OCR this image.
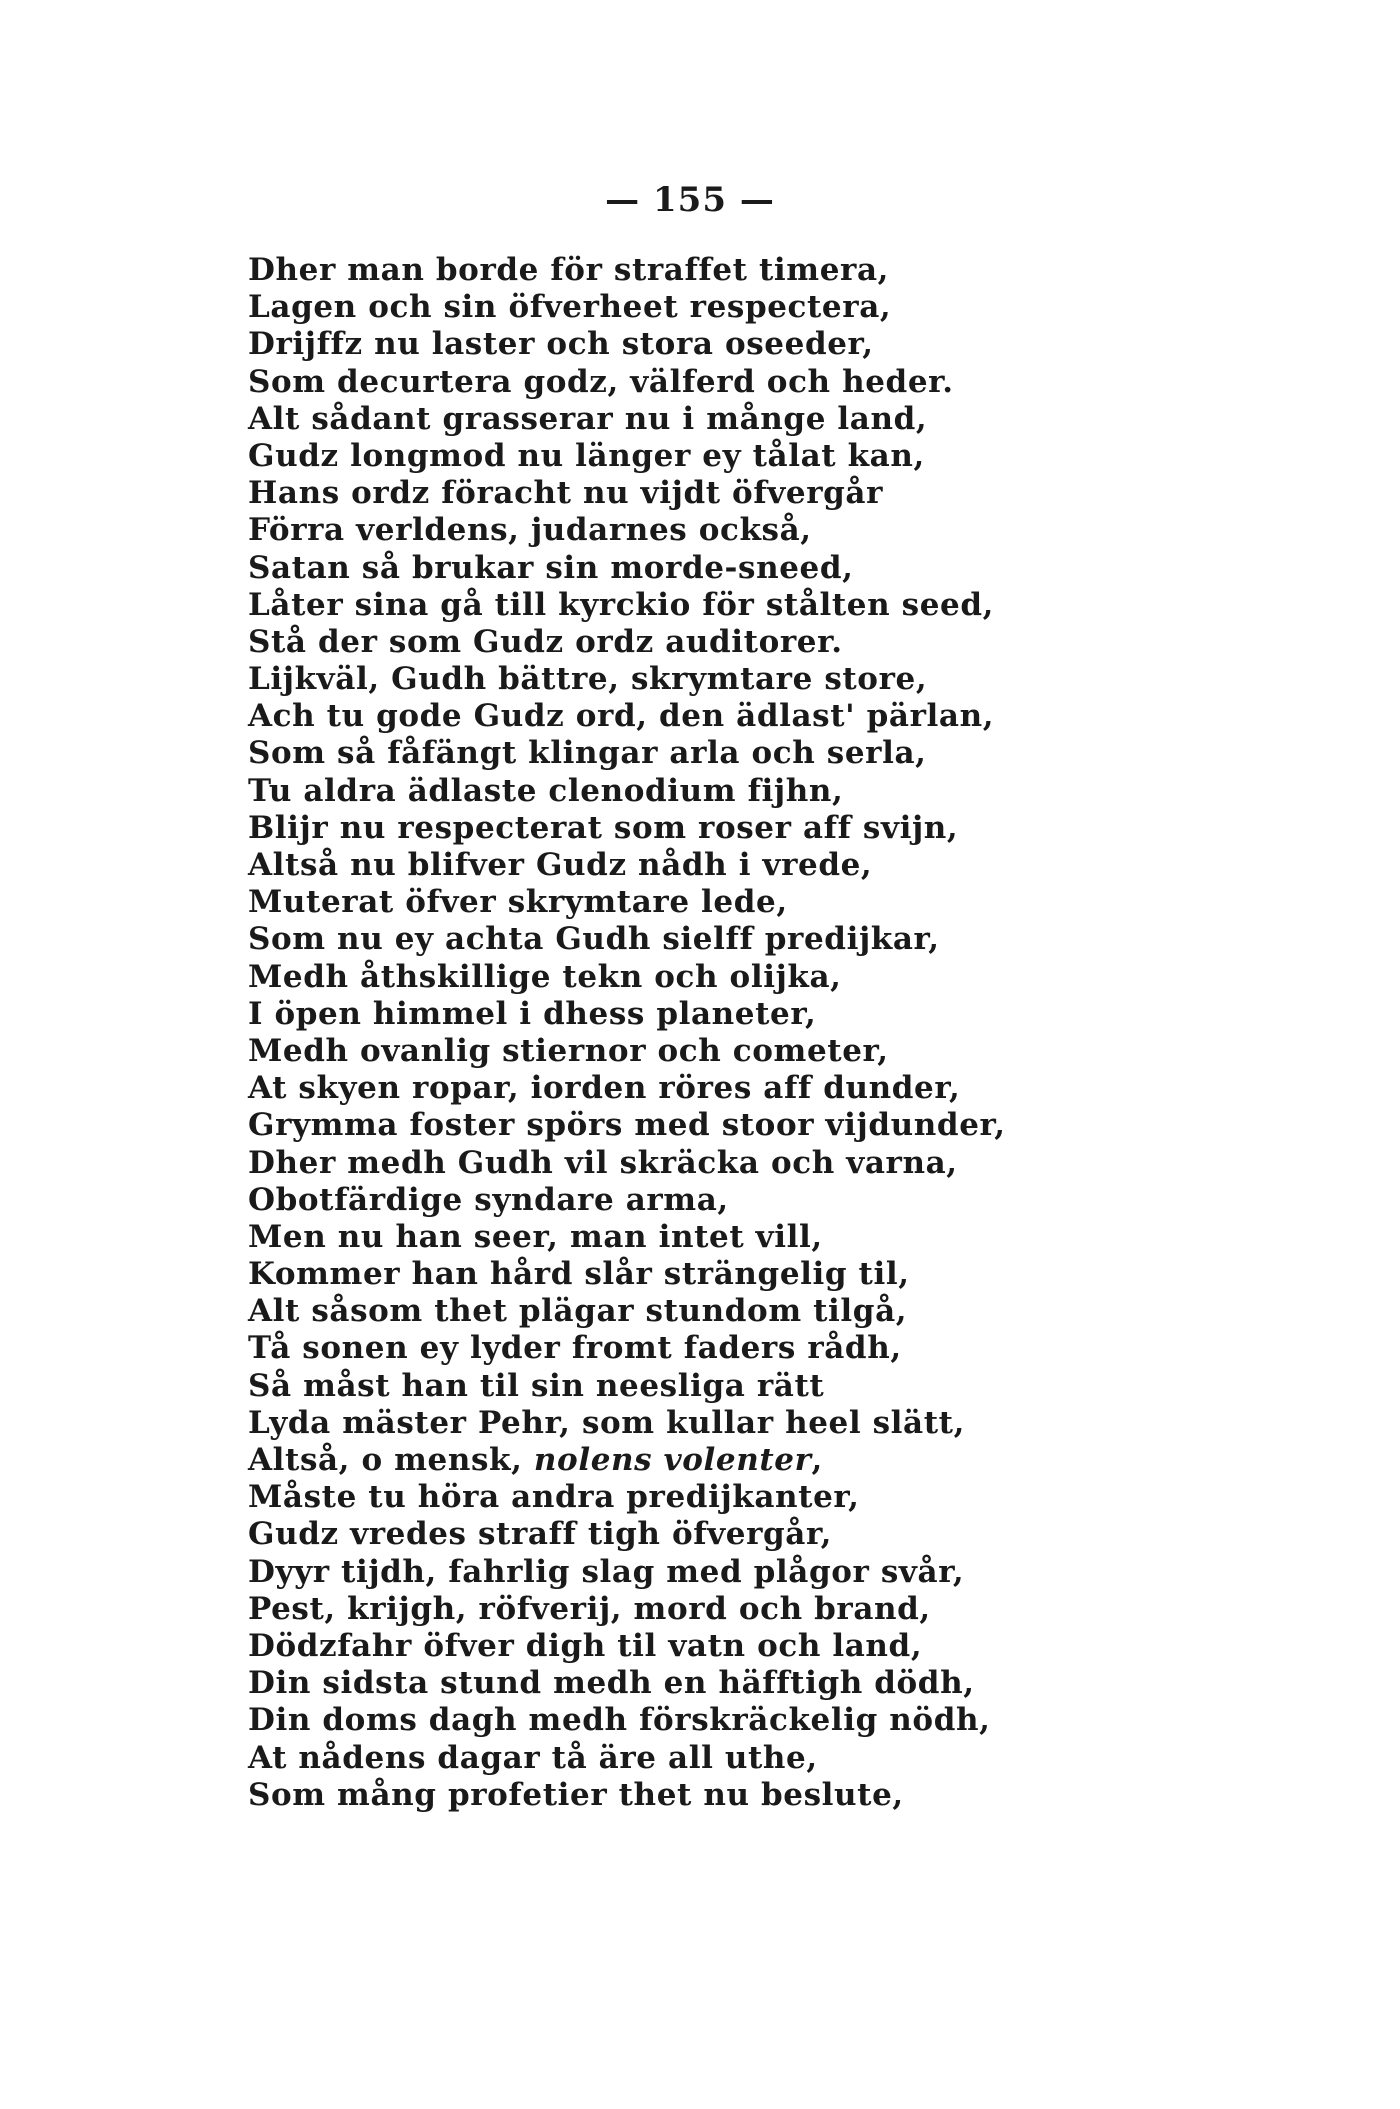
— 155 —
Dher man borde för straffet timera,
Lagen och sin öfverheet respectera,
Drijffz nu laster och stora oseeder,
Som decurtera godz, välferd och heder.
Alt sådant grasserar nu i månge land,
Gudz longmod nu länger ey tålat kan,
Hans ordz föracht nu vijdt öfvergår
Förra verldens, judarnes också,
Satan så brukar sin morde-sneed,
Låter sina gå till kyrckio för stålten seed,
Stå der som Gudz ordz auditorer.
Lijkväl, Gudh bättre, skrymtare store,
Ach tu gode Gudz ord, den ädlast' pärlan,
Som så fåfängt klingar arla och serla,
Tu aldra ädlaste clenodium fijhn,
Blijr nu respecterat som roser aff svijn,
Altså nu blifver Gudz nådh i vrede,
Muterat öfver skrymtare lede,
Som nu ey achta Gudh sielff predijkar,
Medh åthskillige tekn och olijka,
I öpen himmel i dhess planeter,
Medh ovanlig stiernor och cometer,
At skyen ropar, iorden röres aff dunder,
Grymma foster spörs med stoor vijdunder,
Dher medh Gudh vil skräcka och varna,
Obotfärdige syndare arma,
Men nu han seer, man intet vill,
Kommer han hård slår strängelig til,
Alt såsom thet plägar stundom tilgå,
Tå sonen ey lyder fromt faders rådh,
Så måst han til sin neesliga rätt
Lyda mäster Pehr, som kullar heel slätt,
Altså, o mensk, nolens volenter,
Måste tu höra andra predijkanter,
Gudz vredes straff tigh öfvergår,
Dyyr tijdh, fahrlig slag med plågor svår,
Pest, krijgh, röfverij, mord och brand,
Dödzfahr öfver digh til vatn och land,
Din sidsta stund medh en häfftigh dödh,
Din doms dagh medh förskräckelig nödh,
At nådens dagar tå äre all uthe,
Som mång profetier thet nu beslute,
